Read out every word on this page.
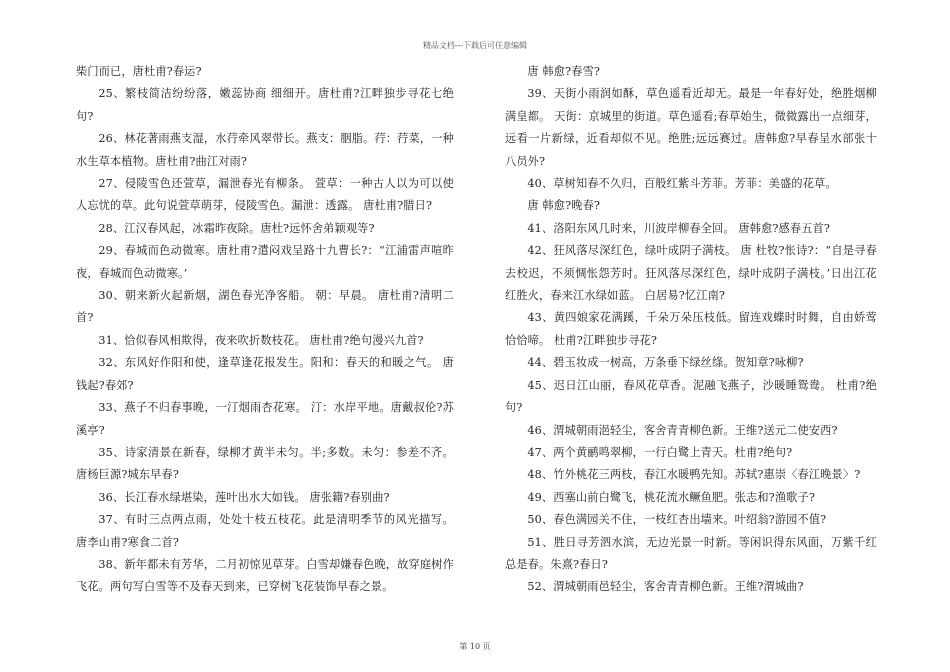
精品文档---下载后可任意编辑

柴门而已，唐杜甫?春运?

25、繁枝简洁纷纷落，嫩蕊协商 细细开。唐杜甫?江畔独步寻花七绝句?

26、林花著雨燕支湿，水荇牵风翠带长。燕支：胭脂。荇：荇菜，一种水生草本植物。唐杜甫?曲江对雨?

27、侵陵雪色还萱草，漏泄春光有柳条。 萱草：一种古人以为可以使人忘忧的草。此句说萱草萌芽，侵陵雪色。漏泄：透露。 唐杜甫?腊日?

28、江汉春风起，冰霜昨夜除。唐杜?远怀舍弟颖观等?

29、春城而色动微寒。唐杜甫?遣闷戏呈路十九曹长?：“江浦雷声喧昨夜，春城而色动微寒。’

30、朝来新火起新烟，湖色春光净客船。 朝：早晨。 唐杜甫?清明二首?

31、恰似春风相欺得，夜来吹折数枝花。 唐杜甫?绝句漫兴九首?

32、东风好作阳和使，逢草逢花报发生。阳和：春天的和暖之气。 唐钱起?春郊?

33、燕子不归春事晚，一汀烟雨杏花寒。 汀：水岸平地。唐戴叔伦?苏溪亭?

35、诗家清景在新春，绿柳才黄半未匀。半;多数。未匀：参差不齐。唐杨巨源?城东早春?

36、长江春水绿堪染，莲叶出水大如钱。 唐张籍?春别曲?

37、有时三点两点雨，处处十枝五枝花。此是清明季节的风光描写。 唐李山甫?寒食二首?

38、新年都未有芳华，二月初惊见草芽。白雪却嫌春色晚，故穿庭树作飞花。两句写白雪等不及春天到来，已穿树飞花装饰早春之景。

唐 韩愈?春雪?

39、天街小雨润如酥，草色遥看近却无。最是一年春好处，绝胜烟柳满皇都。 天街：京城里的街道。草色遥看;春草始生，微微露出一点细芽，远看一片新绿，近看却似不见。绝胜;远远赛过。唐韩愈?早春呈水部张十八员外?

40、草树知春不久归，百般红紫斗芳菲。芳菲：美盛的花草。

唐 韩愈?晚春?

41、洛阳东风几时来，川波岸柳春全回。 唐韩愈?感春五首?

42、狂风落尽深红色，绿叶成阴子满枝。 唐 杜牧?怅诗?：“自是寻春去校迟，不须惆怅怨芳时。狂风落尽深红色，绿叶成阴子满枝。’日出江花红胜火，春来江水绿如蓝。 白居易?忆江南?

43、黄四娘家花满蹊，千朵万朵压枝低。留连戏蝶时时舞，自由娇莺恰恰啼。 杜甫?江畔独步寻花?

44、碧玉妆成一树高，万条垂下绿丝绦。贺知章?咏柳?

45、迟日江山丽，春风花草香。泥融飞燕子，沙暖睡鸳鸯。 杜甫?绝句?

46、渭城朝雨浥轻尘，客舍青青柳色新。王维?送元二使安西?

47、两个黄鹂鸣翠柳，一行白鹭上青天。杜甫?绝句?

48、竹外桃花三两枝，春江水暖鸭先知。苏轼?惠崇〈春江晚景〉?

49、西塞山前白鹭飞，桃花流水鳜鱼肥。张志和?渔歌子?

50、春色满园关不住，一枝红杏出墙来。叶绍翁?游园不值?

51、胜日寻芳泗水滨，无边光景一时新。等闲识得东风面，万紫千红总是春。朱熹?春日?

52、渭城朝雨邑轻尘，客舍青青柳色新。王维?渭城曲?

第 10 页
